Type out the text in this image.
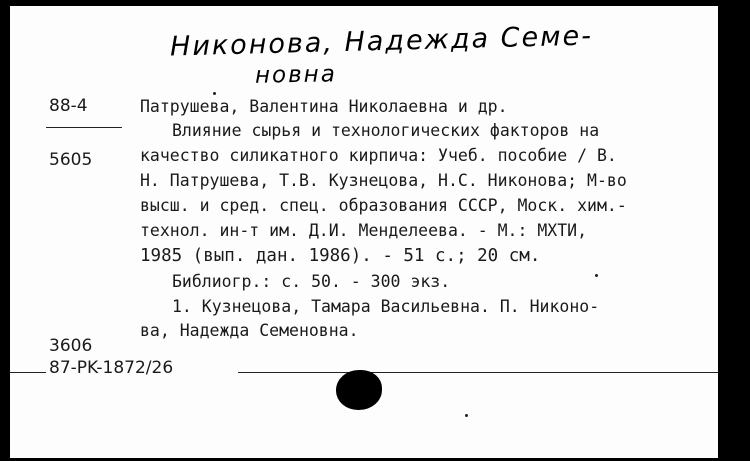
Никонова, Надежда Семе-
новна
88-4
5605
3606
Патрушева, Валентина Николаевна и др.
Влияние сырья и технологических факторов на
качество силикатного кирпича: Учеб. пособие / В.
Н. Патрушева, Т.В. Кузнецова, Н.С. Никонова; М-во
высш. и сред. спец. образования СССР, Моск. хим.-
технол. ин-т им. Д.И. Менделеева. - М.: МХТИ,
1985 (вып. дан. 1986). - 51 с.; 20 см.
Библиогр.: с. 50. - 300 экз.
1. Кузнецова, Тамара Васильевна. П. Никоно-
ва, Надежда Семеновна.
87-PK-1872/26
